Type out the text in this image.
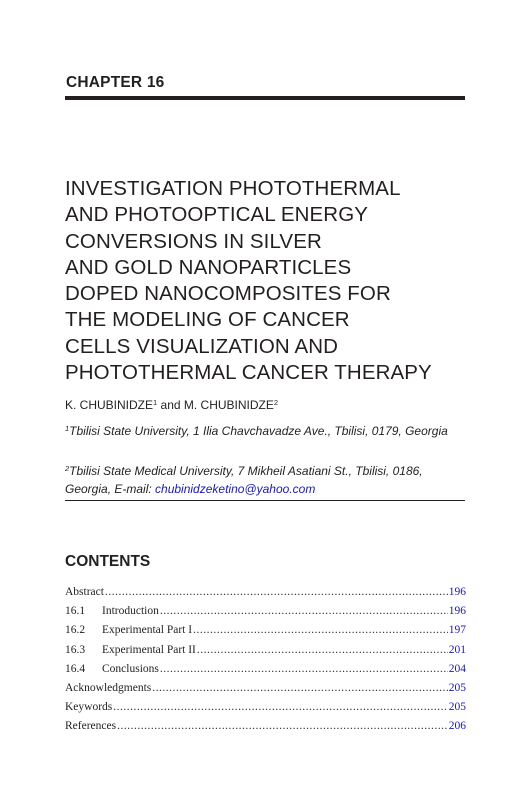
CHAPTER 16
INVESTIGATION PHOTOTHERMAL
AND PHOTOOPTICAL ENERGY
CONVERSIONS IN SILVER
AND GOLD NANOPARTICLES
DOPED NANOCOMPOSITES FOR
THE MODELING OF CANCER
CELLS VISUALIZATION AND
PHOTOTHERMAL CANCER THERAPY
K. CHUBINIDZE$^1$ and M. CHUBINIDZE$^2$
$^1$Tbilisi State University, 1 Ilia Chavchavadze Ave., Tbilisi, 0179, Georgia
$^2$Tbilisi State Medical University, 7 Mikheil Asatiani St., Tbilisi, 0186, Georgia, E-mail: chubinidzeketino@yahoo.com
CONTENTS
Abstract .....	196
16.1	Introduction .....	196
16.2	Experimental Part I .....	197
16.3	Experimental Part II .....	201
16.4	Conclusions .....	204
Acknowledgments .....	205
Keywords .....	205
References .....	206
